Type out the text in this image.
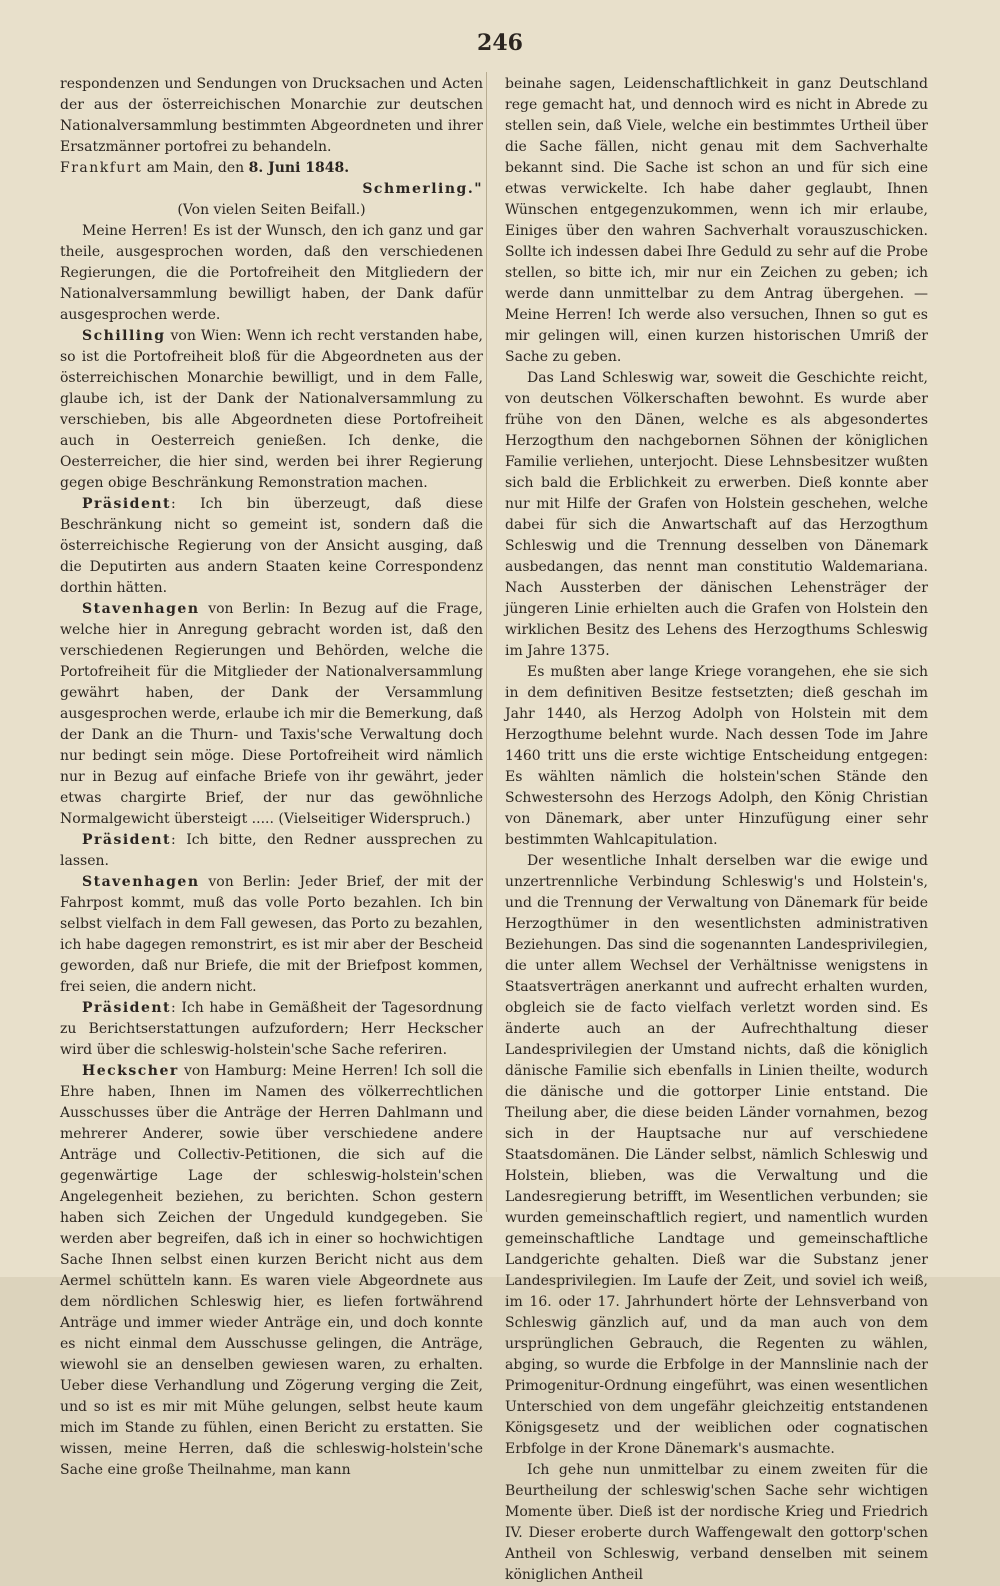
246

respondenzen und Sendungen von Drucksachen und Acten der aus der österreichischen Monarchie zur deutschen Nationalversammlung bestimmten Abgeordneten und ihrer Ersatzmänner portofrei zu behandeln.

Frankfurt am Main, den 8. Juni 1848.

Schmerling."

(Von vielen Seiten Beifall.)

Meine Herren! Es ist der Wunsch, den ich ganz und gar theile, ausgesprochen worden, daß den verschiedenen Regierungen, die die Portofreiheit den Mitgliedern der Nationalversammlung bewilligt haben, der Dank dafür ausgesprochen werde.

Schilling von Wien: Wenn ich recht verstanden habe, so ist die Portofreiheit bloß für die Abgeordneten aus der österreichischen Monarchie bewilligt, und in dem Falle, glaube ich, ist der Dank der Nationalversammlung zu verschieben, bis alle Abgeordneten diese Portofreiheit auch in Oesterreich genießen. Ich denke, die Oesterreicher, die hier sind, werden bei ihrer Regierung gegen obige Beschränkung Remonstration machen.

Präsident: Ich bin überzeugt, daß diese Beschränkung nicht so gemeint ist, sondern daß die österreichische Regierung von der Ansicht ausging, daß die Deputirten aus andern Staaten keine Correspondenz dorthin hätten.

Stavenhagen von Berlin: In Bezug auf die Frage, welche hier in Anregung gebracht worden ist, daß den verschiedenen Regierungen und Behörden, welche die Portofreiheit für die Mitglieder der Nationalversammlung gewährt haben, der Dank der Versammlung ausgesprochen werde, erlaube ich mir die Bemerkung, daß der Dank an die Thurn- und Taxis'sche Verwaltung doch nur bedingt sein möge. Diese Portofreiheit wird nämlich nur in Bezug auf einfache Briefe von ihr gewährt, jeder etwas chargirte Brief, der nur das gewöhnliche Normalgewicht übersteigt ..... (Vielseitiger Widerspruch.)

Präsident: Ich bitte, den Redner aussprechen zu lassen.

Stavenhagen von Berlin: Jeder Brief, der mit der Fahrpost kommt, muß das volle Porto bezahlen. Ich bin selbst vielfach in dem Fall gewesen, das Porto zu bezahlen, ich habe dagegen remonstrirt, es ist mir aber der Bescheid geworden, daß nur Briefe, die mit der Briefpost kommen, frei seien, die andern nicht.

Präsident: Ich habe in Gemäßheit der Tagesordnung zu Berichtserstattungen aufzufordern; Herr Heckscher wird über die schleswig-holstein'sche Sache referiren.

Heckscher von Hamburg: Meine Herren! Ich soll die Ehre haben, Ihnen im Namen des völkerrechtlichen Ausschusses über die Anträge der Herren Dahlmann und mehrerer Anderer, sowie über verschiedene andere Anträge und Collectiv-Petitionen, die sich auf die gegenwärtige Lage der schleswig-holstein'schen Angelegenheit beziehen, zu berichten. Schon gestern haben sich Zeichen der Ungeduld kundgegeben. Sie werden aber begreifen, daß ich in einer so hochwichtigen Sache Ihnen selbst einen kurzen Bericht nicht aus dem Aermel schütteln kann. Es waren viele Abgeordnete aus dem nördlichen Schleswig hier, es liefen fortwährend Anträge und immer wieder Anträge ein, und doch konnte es nicht einmal dem Ausschusse gelingen, die Anträge, wiewohl sie an denselben gewiesen waren, zu erhalten. Ueber diese Verhandlung und Zögerung verging die Zeit, und so ist es mir mit Mühe gelungen, selbst heute kaum mich im Stande zu fühlen, einen Bericht zu erstatten. Sie wissen, meine Herren, daß die schleswig-holstein'sche Sache eine große Theilnahme, man kann

beinahe sagen, Leidenschaftlichkeit in ganz Deutschland rege gemacht hat, und dennoch wird es nicht in Abrede zu stellen sein, daß Viele, welche ein bestimmtes Urtheil über die Sache fällen, nicht genau mit dem Sachverhalte bekannt sind. Die Sache ist schon an und für sich eine etwas verwickelte. Ich habe daher geglaubt, Ihnen Wünschen entgegenzukommen, wenn ich mir erlaube, Einiges über den wahren Sachverhalt vorauszuschicken. Sollte ich indessen dabei Ihre Geduld zu sehr auf die Probe stellen, so bitte ich, mir nur ein Zeichen zu geben; ich werde dann unmittelbar zu dem Antrag übergehen. — Meine Herren! Ich werde also versuchen, Ihnen so gut es mir gelingen will, einen kurzen historischen Umriß der Sache zu geben.

Das Land Schleswig war, soweit die Geschichte reicht, von deutschen Völkerschaften bewohnt. Es wurde aber frühe von den Dänen, welche es als abgesondertes Herzogthum den nachgebornen Söhnen der königlichen Familie verliehen, unterjocht. Diese Lehnsbesitzer wußten sich bald die Erblichkeit zu erwerben. Dieß konnte aber nur mit Hilfe der Grafen von Holstein geschehen, welche dabei für sich die Anwartschaft auf das Herzogthum Schleswig und die Trennung desselben von Dänemark ausbedangen, das nennt man constitutio Waldemariana. Nach Aussterben der dänischen Lehensträger der jüngeren Linie erhielten auch die Grafen von Holstein den wirklichen Besitz des Lehens des Herzogthums Schleswig im Jahre 1375.

Es mußten aber lange Kriege vorangehen, ehe sie sich in dem definitiven Besitze festsetzten; dieß geschah im Jahr 1440, als Herzog Adolph von Holstein mit dem Herzogthume belehnt wurde. Nach dessen Tode im Jahre 1460 tritt uns die erste wichtige Entscheidung entgegen: Es wählten nämlich die holstein'schen Stände den Schwestersohn des Herzogs Adolph, den König Christian von Dänemark, aber unter Hinzufügung einer sehr bestimmten Wahlcapitulation.

Der wesentliche Inhalt derselben war die ewige und unzertrennliche Verbindung Schleswig's und Holstein's, und die Trennung der Verwaltung von Dänemark für beide Herzogthümer in den wesentlichsten administrativen Beziehungen. Das sind die sogenannten Landesprivilegien, die unter allem Wechsel der Verhältnisse wenigstens in Staatsverträgen anerkannt und aufrecht erhalten wurden, obgleich sie de facto vielfach verletzt worden sind. Es änderte auch an der Aufrechthaltung dieser Landesprivilegien der Umstand nichts, daß die königlich dänische Familie sich ebenfalls in Linien theilte, wodurch die dänische und die gottorper Linie entstand. Die Theilung aber, die diese beiden Länder vornahmen, bezog sich in der Hauptsache nur auf verschiedene Staatsdomänen. Die Länder selbst, nämlich Schleswig und Holstein, blieben, was die Verwaltung und die Landesregierung betrifft, im Wesentlichen verbunden; sie wurden gemeinschaftlich regiert, und namentlich wurden gemeinschaftliche Landtage und gemeinschaftliche Landgerichte gehalten. Dieß war die Substanz jener Landesprivilegien. Im Laufe der Zeit, und soviel ich weiß, im 16. oder 17. Jahrhundert hörte der Lehnsverband von Schleswig gänzlich auf, und da man auch von dem ursprünglichen Gebrauch, die Regenten zu wählen, abging, so wurde die Erbfolge in der Mannslinie nach der Primogenitur-Ordnung eingeführt, was einen wesentlichen Unterschied von dem ungefähr gleichzeitig entstandenen Königsgesetz und der weiblichen oder cognatischen Erbfolge in der Krone Dänemark's ausmachte.

Ich gehe nun unmittelbar zu einem zweiten für die Beurtheilung der schleswig'schen Sache sehr wichtigen Momente über. Dieß ist der nordische Krieg und Friedrich IV. Dieser eroberte durch Waffengewalt den gottorp'schen Antheil von Schleswig, verband denselben mit seinem königlichen Antheil
